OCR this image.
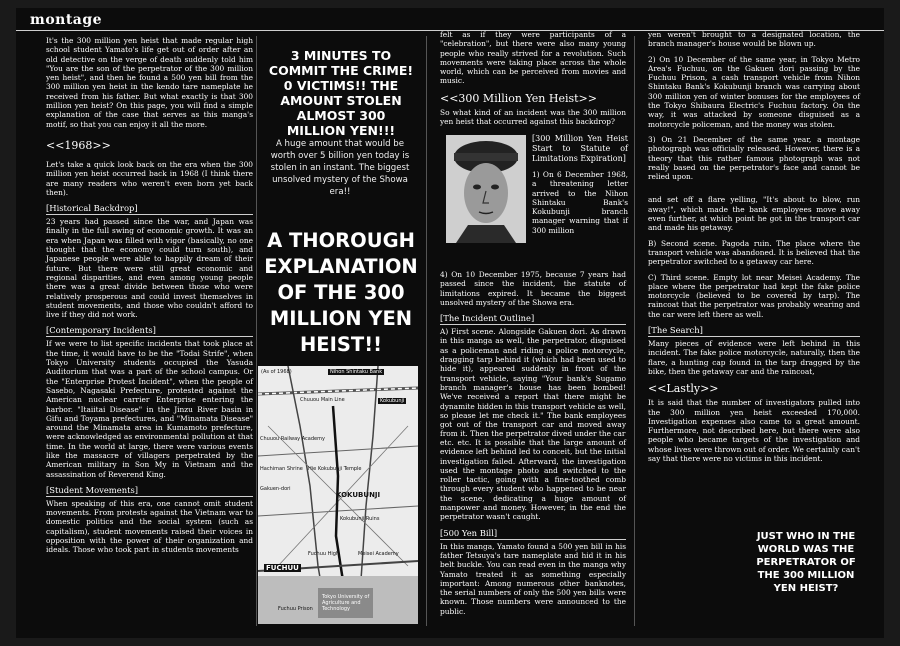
montage

It's the 300 million yen heist that made regular high school student Yamato's life get out of order after an old detective on the verge of death suddenly told him "You are the son of the perpetrator of the 300 million yen heist", and then he found a 500 yen bill from the 300 million yen heist in the kendo tare nameplate he received from his father. But what exactly is that 300 million yen heist? On this page, you will find a simple explanation of the case that serves as this manga's motif, so that you can enjoy it all the more.

<<1968>>

Let's take a quick look back on the era when the 300 million yen heist occurred back in 1968 (I think there are many readers who weren't even born yet back then).

[Historical Backdrop]

23 years had passed since the war, and Japan was finally in the full swing of economic growth. It was an era when Japan was filled with vigor (basically, no one thought that the economy could turn south), and Japanese people were able to happily dream of their future. But there were still great economic and regional disparities, and even among young people there was a great divide between those who were relatively prosperous and could invest themselves in student movements, and those who couldn't afford to live if they did not work.

[Contemporary Incidents]

If we were to list specific incidents that took place at the time, it would have to be the "Todai Strife", when Tokyo University students occupied the Yasuda Auditorium that was a part of the school campus. Or the "Enterprise Protest Incident", when the people of Sasebo, Nagasaki Prefecture, protested against the American nuclear carrier Enterprise entering the harbor. "Itaiitai Disease" in the Jinzu River basin in Gifu and Toyama prefectures, and "Minamata Disease" around the Minamata area in Kumamoto prefecture, were acknowledged as environmental pollution at that time. In the world at large, there were various events like the massacre of villagers perpetrated by the American military in Son My in Vietnam and the assassination of Reverend King.

[Student Movements]

When speaking of this era, one cannot omit student movements. From protests against the Vietnam war to domestic politics and the social system (such as capitalism), student movements raised their voices in opposition with the power of their organization and ideals. Those who took part in students movements

3 MINUTES TO COMMIT THE CRIME! 0 VICTIMS!! THE AMOUNT STOLEN ALMOST 300 MILLION YEN!!!
A huge amount that would be worth over 5 billion yen today is stolen in an instant. The biggest unsolved mystery of the Showa era!!
A THOROUGH EXPLANATION OF THE 300 MILLION YEN HEIST!!
(As of 1968)	Nihon Shintaku Bank
Chuuou Main Line	Kokubunji
Chuuou Railway Academy
Hachiman Shrine Hie Kokubunji Temple
Gakuen-dori
Kokubunji Ruins
KOKUBUNJI
Fuchuu High	Meisei Academy
FUCHUU
Fuchuu Prison
Tokyo University of Agriculture and Technology

felt as if they were participants of a "celebration", but there were also many young people who really strived for a revolution. Such movements were taking place across the whole world, which can be perceived from movies and music.

<<300 Million Yen Heist>>

So what kind of an incident was the 300 million yen heist that occurred against this backdrop?

[300 Million Yen Heist Start to Statute of Limitations Expiration]

1) On 6 December 1968, a threatening letter arrived to the Nihon Shintaku Bank's Kokubunji branch manager warning that if 300 million

4) On 10 December 1975, because 7 years had passed since the incident, the statute of limitations expired. It became the biggest unsolved mystery of the Showa era.

[The Incident Outline]

A) First scene. Alongside Gakuen dori. As drawn in this manga as well, the perpetrator, disguised as a policeman and riding a police motorcycle, dragging tarp behind it (which had been used to hide it), appeared suddenly in front of the transport vehicle, saying "Your bank's Sugamo branch manager's house has been bombed! We've received a report that there might be dynamite hidden in this transport vehicle as well, so please let me check it." The bank employees got out of the transport car and moved away from it. Then the perpetrator dived under the car

etc. etc. It is possible that the large amount of evidence left behind led to conceit, but the initial investigation failed. Afterward, the investigation used the montage photo and switched to the roller tactic, going with a fine-toothed comb through every student who happened to be near the scene, dedicating a huge amount of manpower and money. However, in the end the perpetrator wasn't caught.

[500 Yen Bill]

In this manga, Yamato found a 500 yen bill in his father Tetsuya's tare nameplate and hid it in his belt buckle. You can read even in the manga why Yamato treated it as something especially important: Among numerous other banknotes, the serial numbers of only the 500 yen bills were known. Those numbers were announced to the public.

yen weren't brought to a designated location, the branch manager's house would be blown up.

2) On 10 December of the same year, in Tokyo Metro Area's Fuchuu, on the Gakuen dori passing by the Fuchuu Prison, a cash transport vehicle from Nihon Shintaku Bank's Kokubunji branch was carrying about 300 million yen of winter bonuses for the employees of the Tokyo Shibaura Electric's Fuchuu factory. On the way, it was attacked by someone disguised as a motorcycle policeman, and the money was stolen.

3) On 21 December of the same year, a montage photograph was officially released. However, there is a theory that this rather famous photograph was not really based on the perpetrator's face and cannot be relied upon.

and set off a flare yelling, "It's about to blow, run away!", which made the bank employees move away even further, at which point he got in the transport car and made his getaway.

B) Second scene. Pagoda ruin. The place where the transport vehicle was abandoned. It is believed that the perpetrator switched to a getaway car here.

C) Third scene. Empty lot near Meisei Academy. The place where the perpetrator had kept the fake police motorcycle (believed to be covered by tarp). The raincoat that the perpetrator was probably wearing and the car were left there as well.

[The Search]

Many pieces of evidence were left behind in this incident. The fake police motorcycle, naturally, then the flare, a hunting cap found in the tarp dragged by the bike, then the getaway car and the raincoat,

<<Lastly>>

It is said that the number of investigators pulled into the 300 million yen heist exceeded 170,000. Investigation expenses also came to a great amount. Furthermore, not described here, but there were also people who became targets of the investigation and whose lives were thrown out of order. We certainly can't say that there were no victims in this incident.

JUST WHO IN THE WORLD WAS THE PERPETRATOR OF THE 300 MILLION YEN HEIST?
